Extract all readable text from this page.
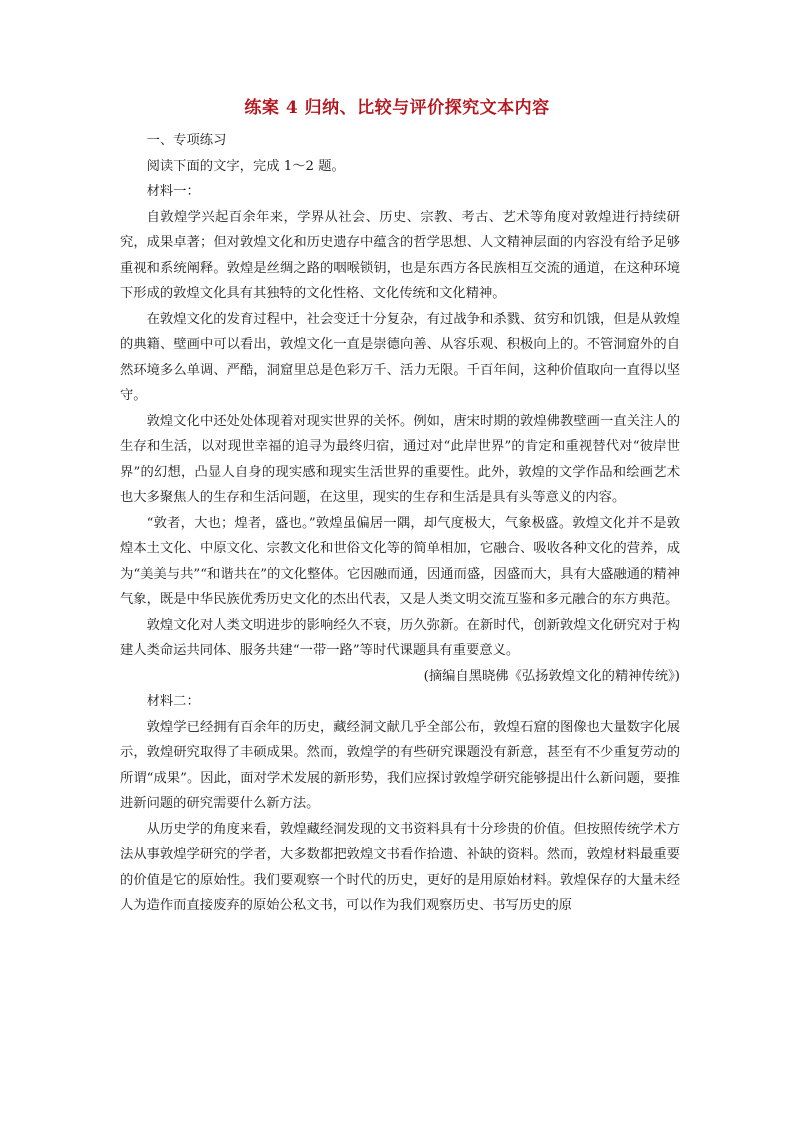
练案 4 归纳、比较与评价探究文本内容

一、专项练习

阅读下面的文字，完成 1～2 题。

材料一：

自敦煌学兴起百余年来，学界从社会、历史、宗教、考古、艺术等角度对敦煌进行持续研究，成果卓著；但对敦煌文化和历史遗存中蕴含的哲学思想、人文精神层面的内容没有给予足够重视和系统阐释。敦煌是丝绸之路的咽喉锁钥，也是东西方各民族相互交流的通道，在这种环境下形成的敦煌文化具有其独特的文化性格、文化传统和文化精神。

在敦煌文化的发育过程中，社会变迁十分复杂，有过战争和杀戮、贫穷和饥饿，但是从敦煌的典籍、壁画中可以看出，敦煌文化一直是崇德向善、从容乐观、积极向上的。不管洞窟外的自然环境多么单调、严酷，洞窟里总是色彩万千、活力无限。千百年间，这种价值取向一直得以坚守。

敦煌文化中还处处体现着对现实世界的关怀。例如，唐宋时期的敦煌佛教壁画一直关注人的生存和生活，以对现世幸福的追寻为最终归宿，通过对“此岸世界”的肯定和重视替代对“彼岸世界”的幻想，凸显人自身的现实感和现实生活世界的重要性。此外，敦煌的文学作品和绘画艺术也大多聚焦人的生存和生活问题，在这里，现实的生存和生活是具有头等意义的内容。

“敦者，大也；煌者，盛也。”敦煌虽偏居一隅，却气度极大，气象极盛。敦煌文化并不是敦煌本土文化、中原文化、宗教文化和世俗文化等的简单相加，它融合、吸收各种文化的营养，成为“美美与共”“和谐共在”的文化整体。它因融而通，因通而盛，因盛而大，具有大盛融通的精神气象，既是中华民族优秀历史文化的杰出代表，又是人类文明交流互鉴和多元融合的东方典范。

敦煌文化对人类文明进步的影响经久不衰，历久弥新。在新时代，创新敦煌文化研究对于构建人类命运共同体、服务共建“一带一路”等时代课题具有重要意义。

(摘编自黑晓佛《弘扬敦煌文化的精神传统》)

材料二：

敦煌学已经拥有百余年的历史，藏经洞文献几乎全部公布，敦煌石窟的图像也大量数字化展示，敦煌研究取得了丰硕成果。然而，敦煌学的有些研究课题没有新意，甚至有不少重复劳动的所谓“成果”。因此，面对学术发展的新形势，我们应探讨敦煌学研究能够提出什么新问题，要推进新问题的研究需要什么新方法。

从历史学的角度来看，敦煌藏经洞发现的文书资料具有十分珍贵的价值。但按照传统学术方法从事敦煌学研究的学者，大多数都把敦煌文书看作拾遗、补缺的资料。然而，敦煌材料最重要的价值是它的原始性。我们要观察一个时代的历史，更好的是用原始材料。敦煌保存的大量未经人为造作而直接废弃的原始公私文书，可以作为我们观察历史、书写历史的原
